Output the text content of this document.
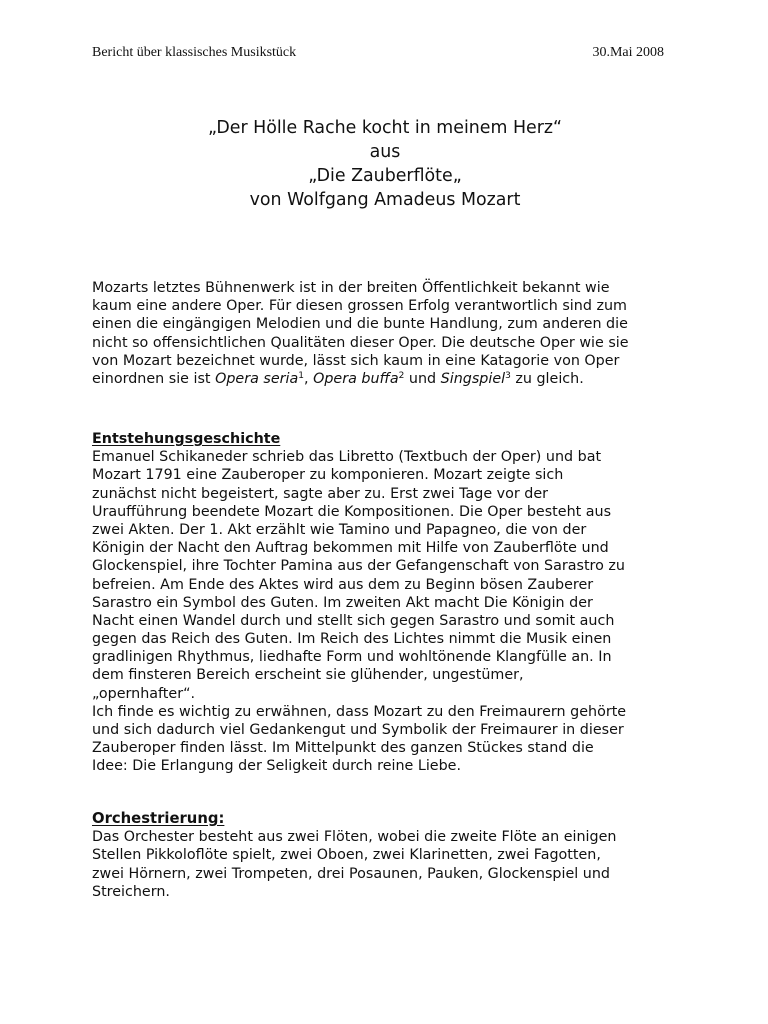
Bericht über klassisches Musikstück	30.Mai 2008
„Der Hölle Rache kocht in meinem Herz“
aus
„Die Zauberflöte„
von Wolfgang Amadeus Mozart
Mozarts letztes Bühnenwerk ist in der breiten Öffentlichkeit bekannt wie
kaum eine andere Oper. Für diesen grossen Erfolg verantwortlich sind zum
einen die eingängigen Melodien und die bunte Handlung, zum anderen die
nicht so offensichtlichen Qualitäten dieser Oper. Die deutsche Oper wie sie
von Mozart bezeichnet wurde, lässt sich kaum in eine Katagorie von Oper
einordnen sie ist Opera seria$^1$, Opera buffa$^2$ und Singspiel$^3$ zu gleich.
Entstehungsgeschichte
Emanuel Schikaneder schrieb das Libretto (Textbuch der Oper) und bat
Mozart 1791 eine Zauberoper zu komponieren. Mozart zeigte sich
zunächst nicht begeistert, sagte aber zu. Erst zwei Tage vor der
Uraufführung beendete Mozart die Kompositionen. Die Oper besteht aus
zwei Akten. Der 1. Akt erzählt wie Tamino und Papagneo, die von der
Königin der Nacht den Auftrag bekommen mit Hilfe von Zauberflöte und
Glockenspiel, ihre Tochter Pamina aus der Gefangenschaft von Sarastro zu
befreien. Am Ende des Aktes wird aus dem zu Beginn bösen Zauberer
Sarastro ein Symbol des Guten. Im zweiten Akt macht Die Königin der
Nacht einen Wandel durch und stellt sich gegen Sarastro und somit auch
gegen das Reich des Guten. Im Reich des Lichtes nimmt die Musik einen
gradlinigen Rhythmus, liedhafte Form und wohltönende Klangfülle an. In
dem finsteren Bereich erscheint sie glühender, ungestümer,
„opernhafter“.
Ich finde es wichtig zu erwähnen, dass Mozart zu den Freimaurern gehörte
und sich dadurch viel Gedankengut und Symbolik der Freimaurer in dieser
Zauberoper finden lässt. Im Mittelpunkt des ganzen Stückes stand die
Idee: Die Erlangung der Seligkeit durch reine Liebe.
Orchestrierung:
Das Orchester besteht aus zwei Flöten, wobei die zweite Flöte an einigen
Stellen Pikkoloflöte spielt, zwei Oboen, zwei Klarinetten, zwei Fagotten,
zwei Hörnern, zwei Trompeten, drei Posaunen, Pauken, Glockenspiel und
Streichern.
